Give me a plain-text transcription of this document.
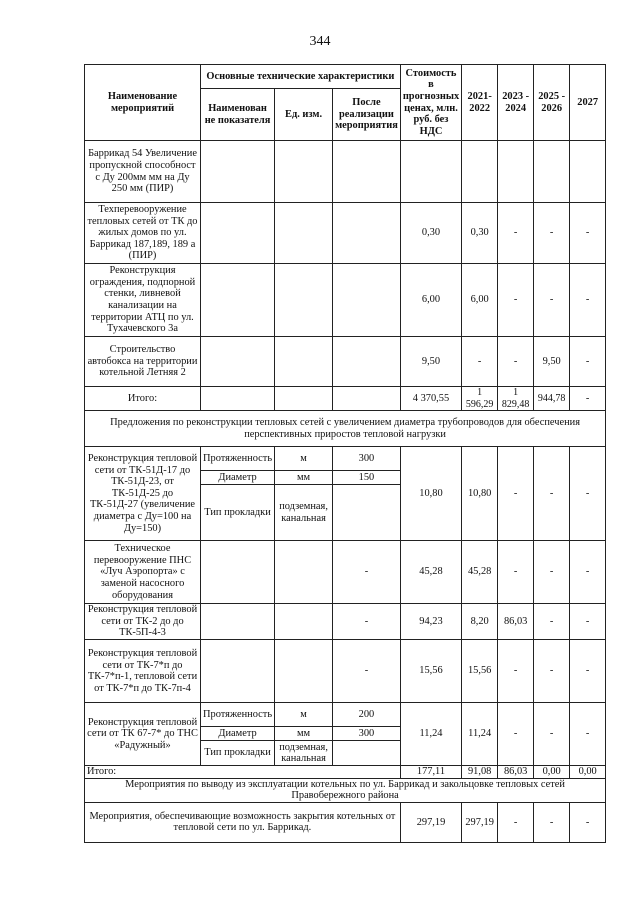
344
Наименование мероприятий	Основные технические характеристики			Стоимость в прогнозных ценах, млн. руб. без НДС	2021-2022	2023 - 2024	2025 - 2026	2027
	Наименован не показателя	Ед. изм.	После реализации мероприятия					
Баррикад 54 Увеличение пропускной способност с Ду 200мм мм на Ду 250 мм (ПИР)								
Техперевооружение тепловых сетей от ТК до жилых домов по ул. Баррикад 187,189, 189 а (ПИР)				0,30	0,30	-	-	-
Реконструкция ограждения, подпорной стенки, ливневой канализации на территории АТЦ по ул. Тухачевского 3а				6,00	6,00	-	-	-
Строительство автобокса на территории котельной Летняя 2				9,50	-	-	9,50	-
Итого:				4 370,55	1 596,29	1 829,48	944,78	-
Предложения по реконструкции тепловых сетей с увеличением диаметра трубопроводов для обеспечения перспективных приростов тепловой нагрузки								
Реконструкция тепловой сети от ТК-51Д-17 до ТК-51Д-23, от ТК-51Д-25 до ТК-51Д-27 (увеличение диаметра с Ду=100 на Ду=150)	Протяженность	м	300	10,80	10,80	-	-	-
	Диаметр	мм	150					
	Тип прокладки	подземная, канальная						
Техническое перевооружение ПНС «Луч Аэропорта» с заменой насосного оборудования			-	45,28	45,28	-	-	-
Реконструкция тепловой сети от ТК-2 до до ТК-5П-4-3			-	94,23	8,20	86,03	-	-
Реконструкция тепловой сети от ТК-7*п до ТК-7*п-1, тепловой сети от ТК-7*п до ТК-7п-4			-	15,56	15,56	-	-	-
Реконструкция тепловой сети от ТК 67-7* до ТНС «Радужный»	Протяженность	м	200	11,24	11,24	-	-	-
	Диаметр	мм	300					
	Тип прокладки	подземная, канальная						
Итого:				177,11	91,08	86,03	0,00	0,00
Мероприятия по выводу из эксплуатации котельных по ул. Баррикад и закольцовке тепловых сетей Правобережного района								
Мероприятия, обеспечивающие возможность закрытия котельных от тепловой сети по ул. Баррикад.				297,19	297,19	-	-	-
